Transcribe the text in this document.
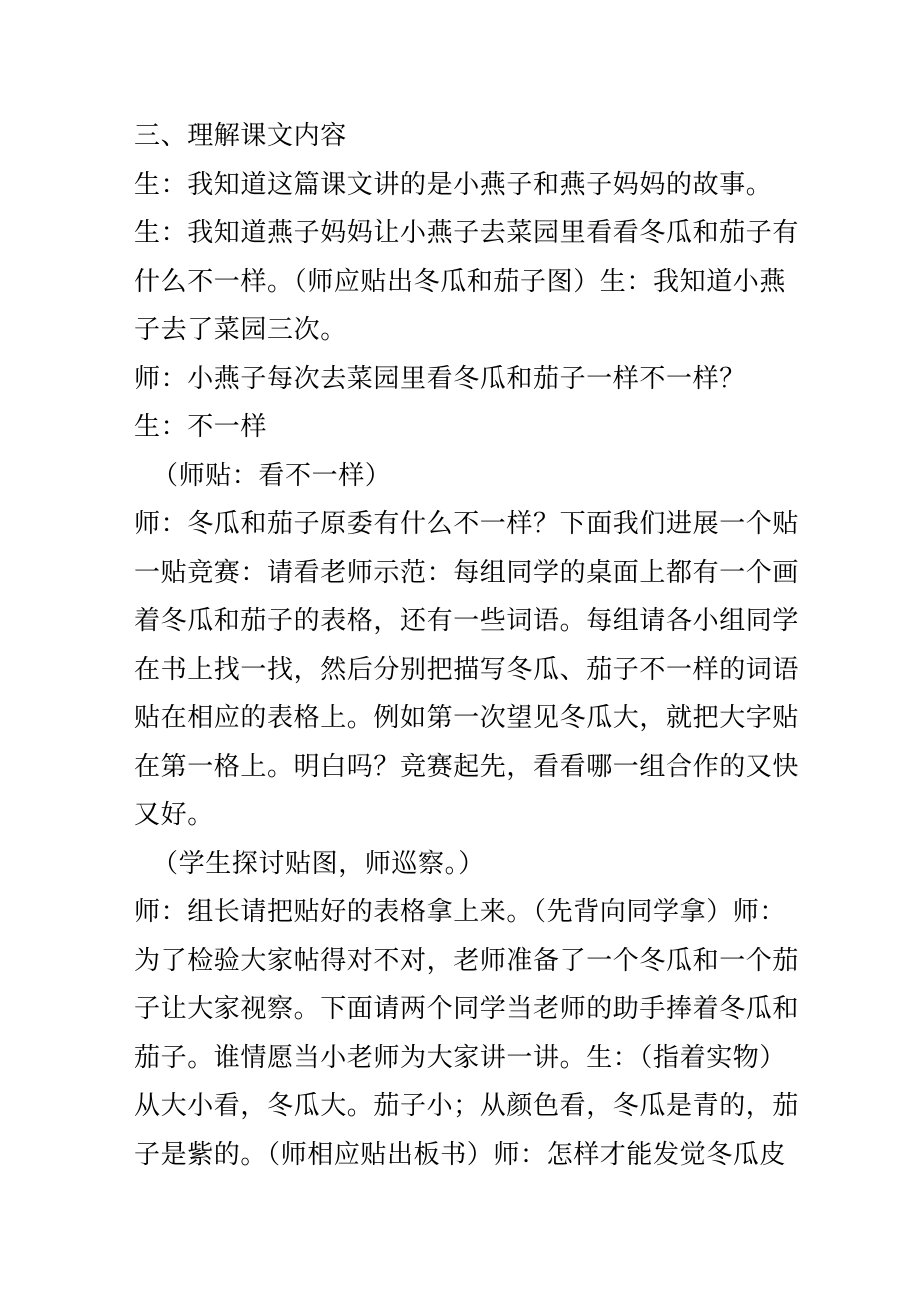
三、理解课文内容
生：我知道这篇课文讲的是小燕子和燕子妈妈的故事。
生：我知道燕子妈妈让小燕子去菜园里看看冬瓜和茄子有
什么不一样。（师应贴出冬瓜和茄子图）生：我知道小燕
子去了菜园三次。
师：小燕子每次去菜园里看冬瓜和茄子一样不一样？
生：不一样
（师贴：看不一样）
师：冬瓜和茄子原委有什么不一样？下面我们进展一个贴
一贴竞赛：请看老师示范：每组同学的桌面上都有一个画
着冬瓜和茄子的表格，还有一些词语。每组请各小组同学
在书上找一找，然后分别把描写冬瓜、茄子不一样的词语
贴在相应的表格上。例如第一次望见冬瓜大，就把大字贴
在第一格上。明白吗？竞赛起先，看看哪一组合作的又快
又好。
（学生探讨贴图，师巡察。）
师：组长请把贴好的表格拿上来。（先背向同学拿）师：
为了检验大家帖得对不对，老师准备了一个冬瓜和一个茄
子让大家视察。下面请两个同学当老师的助手捧着冬瓜和
茄子。谁情愿当小老师为大家讲一讲。生：（指着实物）
从大小看，冬瓜大。茄子小；从颜色看，冬瓜是青的，茄
子是紫的。（师相应贴出板书）师：怎样才能发觉冬瓜皮
